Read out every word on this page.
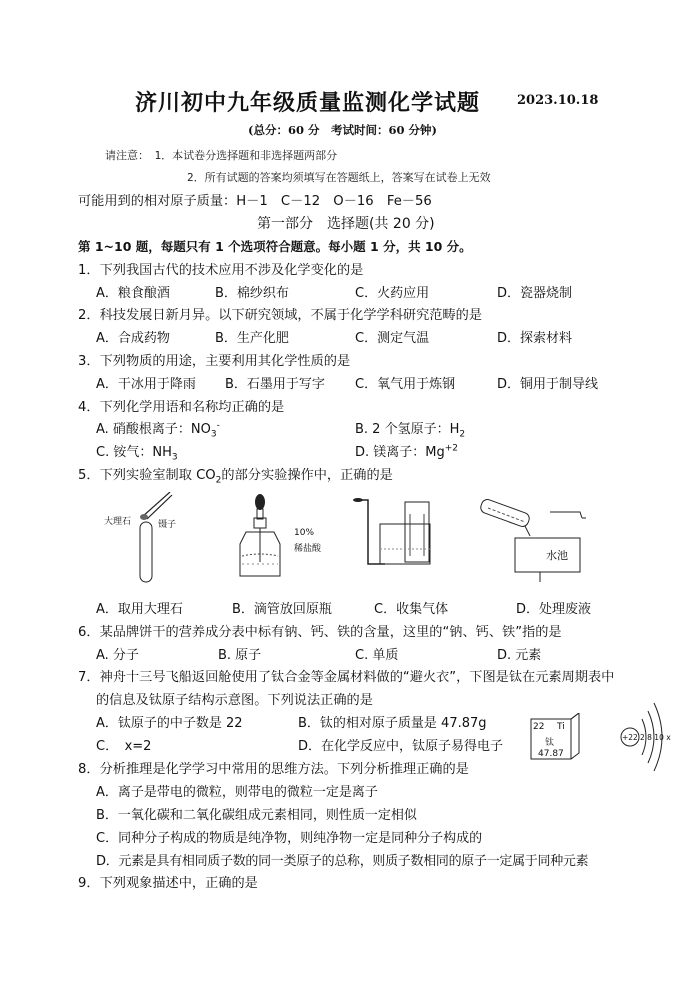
济川初中九年级质量监测化学试题	2023.10.18
(总分：60 分　考试时间：60 分钟)
请注意：　1．本试卷分选择题和非选择题两部分
2．所有试题的答案均须填写在答题纸上，答案写在试卷上无效
可能用到的相对原子质量：H－1　C－12　O－16　Fe－56
第一部分　选择题(共 20 分)
第 1~10 题，每题只有 1 个选项符合题意。每小题 1 分，共 10 分。
1．下列我国古代的技术应用不涉及化学变化的是
A．粮食酿酒	B．棉纱织布	C．火药应用	D．瓷器烧制
2．科技发展日新月异。以下研究领域，不属于化学学科研究范畴的是
A．合成药物	B．生产化肥	C．测定气温	D．探索材料
3．下列物质的用途，主要利用其化学性质的是
A．干冰用于降雨 B．石墨用于写字 C．氧气用于炼钢	D．铜用于制导线
4．下列化学用语和名称均正确的是
A. 硝酸根离子：$NO_3^-$	B. 2 个氢原子：$H_2$
C. 铵气：$NH_3$	D. 镁离子：$Mg^{+2}$
5．下列实验室制取 $CO_2$的部分实验操作中，正确的是
大理石	镊子
10%
稀盐酸	水池
A．取用大理石	B．滴管放回原瓶	C．收集气体	D．处理废液
6．某品牌饼干的营养成分表中标有钠、钙、铁的含量，这里的“钠、钙、铁”指的是
A. 分子	B. 原子	C. 单质	D. 元素
7．神舟十三号飞船返回舱使用了钛合金等金属材料做的“避火衣”，下图是钛在元素周期表中
的信息及钛原子结构示意图。下列说法正确的是
A．钛原子的中子数是 22	B．钛的相对原子质量是 47.87g
C．　x=2	D．在化学反应中，钛原子易得电子
22 Ti
钛
47.87
+22 2 8 10 x
8．分析推理是化学学习中常用的思维方法。下列分析推理正确的是
A．离子是带电的微粒，则带电的微粒一定是离子
B．一氧化碳和二氧化碳组成元素相同，则性质一定相似
C．同种分子构成的物质是纯净物，则纯净物一定是同种分子构成的
D．元素是具有相同质子数的同一类原子的总称，则质子数相同的原子一定属于同种元素
9．下列观象描述中，正确的是
